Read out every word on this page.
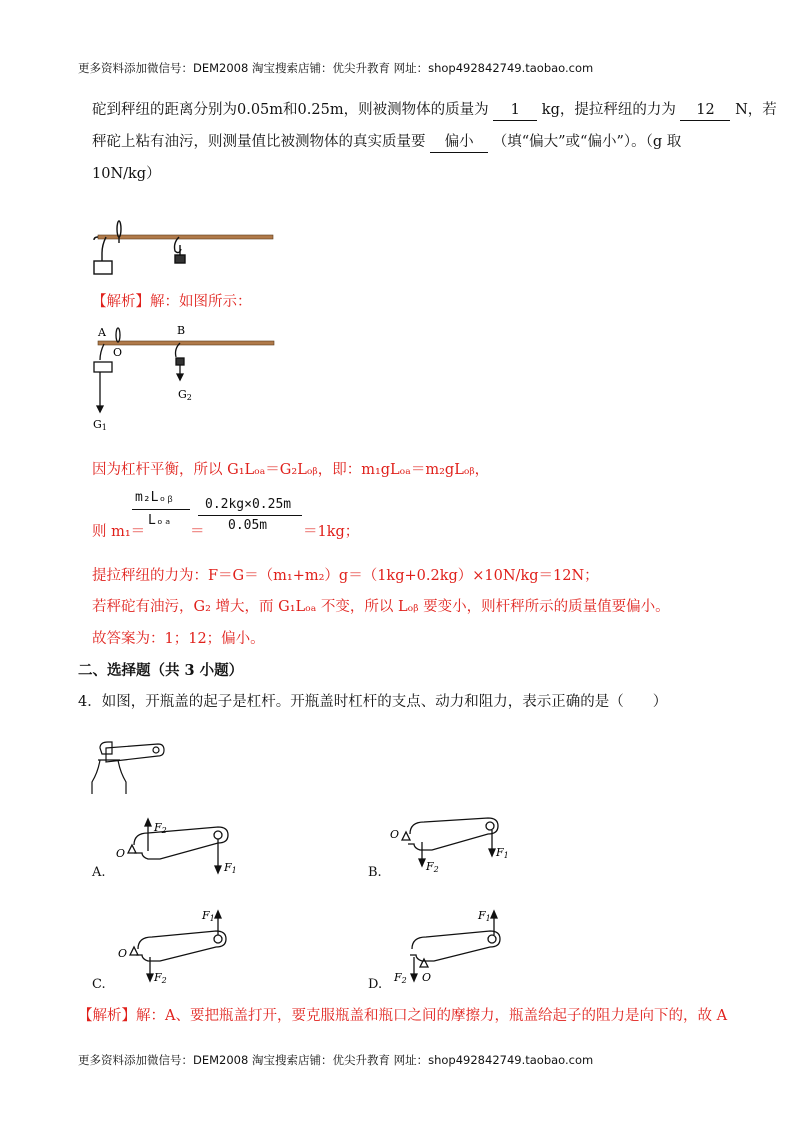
更多资料添加微信号：DEM2008 淘宝搜索店铺：优尖升教育 网址：shop492842749.taobao.com
砣到秤纽的距离分别为0.05m和0.25m，则被测物体的质量为 1 kg，提拉秤纽的力为 12 N，若
秤砣上粘有油污，则测量值比被测物体的真实质量要 偏小 （填“偏大”或“偏小”）。（g 取
10N/kg）
【解析】解：如图所示：
A
O
B
G2
G1
因为杠杆平衡，所以 G₁Lₒₐ＝G₂Lₒᵦ，即：m₁gLₒₐ＝m₂gLₒᵦ，
则 m₁＝
m₂Lₒᵦ
Lₒₐ
＝
0.2kg×0.25m
0.05m ＝1kg；
提拉秤纽的力为：F＝G＝（m₁+m₂）g＝（1kg+0.2kg）×10N/kg＝12N；
若秤砣有油污，G₂ 增大，而 G₁Lₒₐ 不变，所以 Lₒᵦ 要变小，则杆秤所示的质量值要偏小。
故答案为：1；12；偏小。
二、选择题（共 3 小题）
4．如图，开瓶盖的起子是杠杆。开瓶盖时杠杆的支点、动力和阻力，表示正确的是（　　）
F2
F1
O
A.
F1
F2
O
B.
F1
F2
O
C.
F1
F2 O
D.
【解析】解：A、要把瓶盖打开，要克服瓶盖和瓶口之间的摩擦力，瓶盖给起子的阻力是向下的，故 A
更多资料添加微信号：DEM2008 淘宝搜索店铺：优尖升教育 网址：shop492842749.taobao.com
